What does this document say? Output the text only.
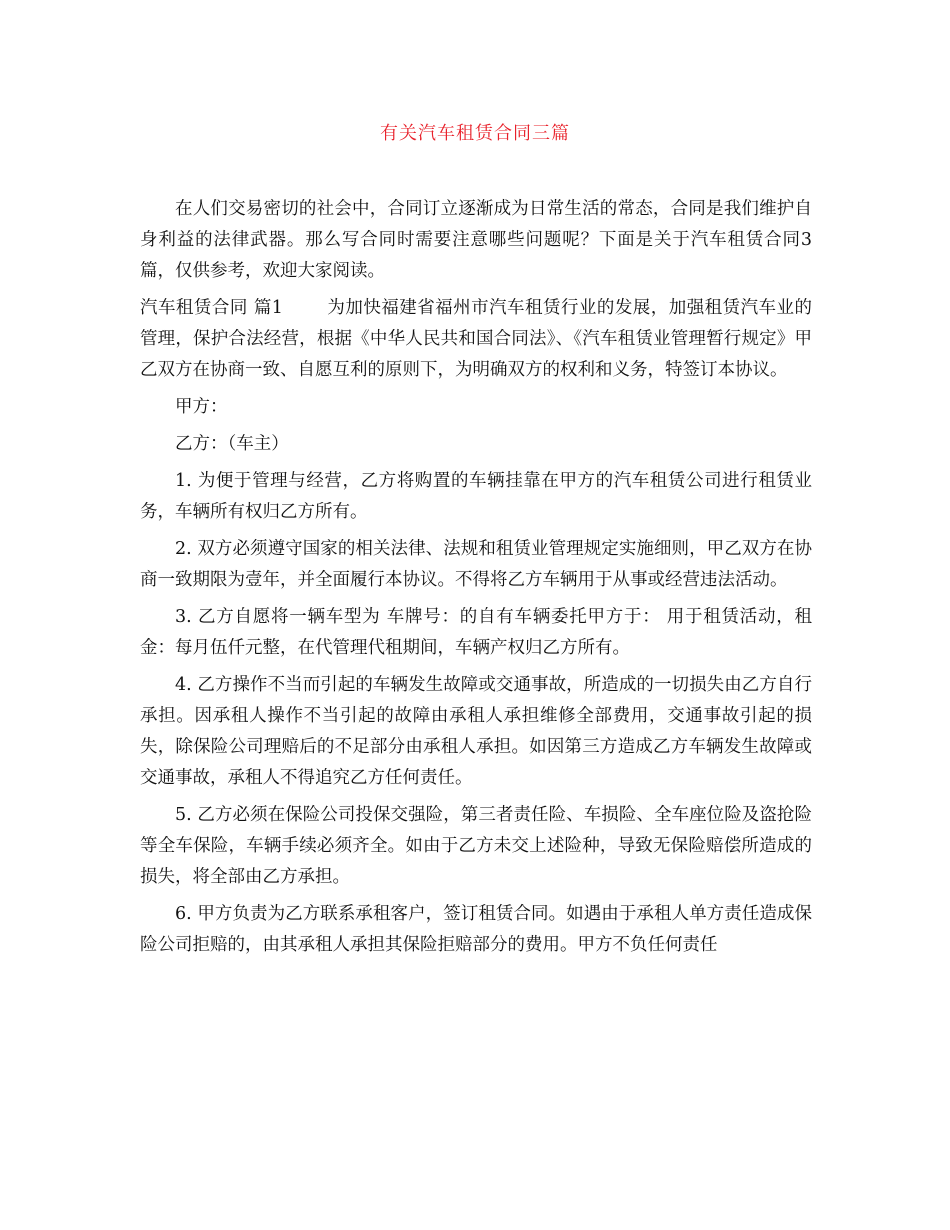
有关汽车租赁合同三篇

在人们交易密切的社会中，合同订立逐渐成为日常生活的常态，合同是我们维护自身利益的法律武器。那么写合同时需要注意哪些问题呢？下面是关于汽车租赁合同3篇，仅供参考，欢迎大家阅读。

汽车租赁合同 篇1	为加快福建省福州市汽车租赁行业的发展，加强租赁汽车业的管理，保护合法经营，根据《中华人民共和国合同法》、《汽车租赁业管理暂行规定》甲乙双方在协商一致、自愿互利的原则下，为明确双方的权利和义务，特签订本协议。

甲方：

乙方：（车主）

1. 为便于管理与经营，乙方将购置的车辆挂靠在甲方的汽车租赁公司进行租赁业务，车辆所有权归乙方所有。

2. 双方必须遵守国家的相关法律、法规和租赁业管理规定实施细则，甲乙双方在协商一致期限为壹年，并全面履行本协议。不得将乙方车辆用于从事或经营违法活动。

3. 乙方自愿将一辆车型为 车牌号：的自有车辆委托甲方于： 用于租赁活动，租金：每月伍仟元整，在代管理代租期间，车辆产权归乙方所有。

4. 乙方操作不当而引起的车辆发生故障或交通事故，所造成的一切损失由乙方自行承担。因承租人操作不当引起的故障由承租人承担维修全部费用，交通事故引起的损失，除保险公司理赔后的不足部分由承租人承担。如因第三方造成乙方车辆发生故障或交通事故，承租人不得追究乙方任何责任。

5. 乙方必须在保险公司投保交强险，第三者责任险、车损险、全车座位险及盗抢险等全车保险，车辆手续必须齐全。如由于乙方未交上述险种，导致无保险赔偿所造成的损失，将全部由乙方承担。

6. 甲方负责为乙方联系承租客户，签订租赁合同。如遇由于承租人单方责任造成保险公司拒赔的，由其承租人承担其保险拒赔部分的费用。甲方不负任何责任
